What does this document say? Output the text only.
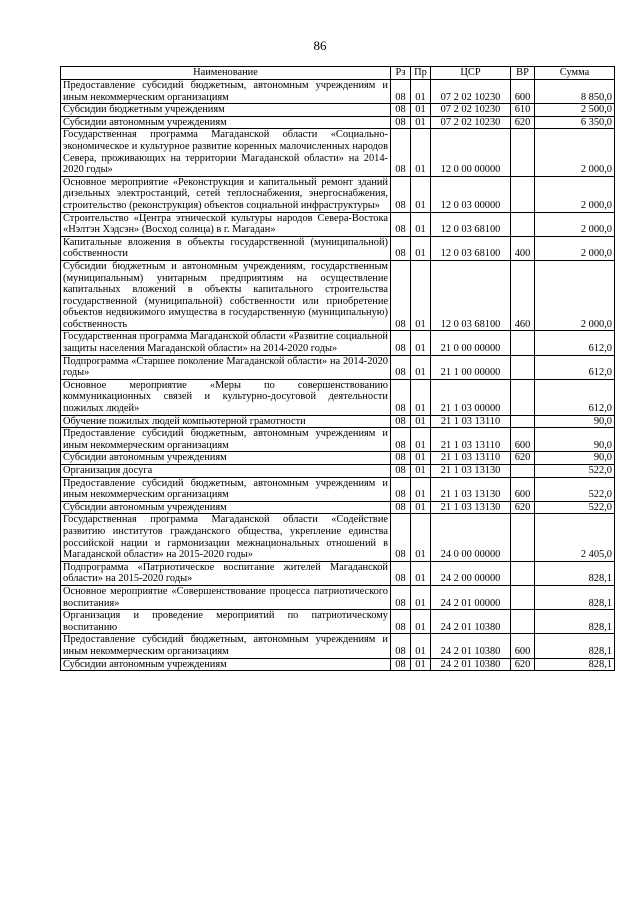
86
Наименование	Рз	Пр	ЦСР	ВР	Сумма
Предоставление субсидий бюджетным, автономным учреждениям и иным некоммерческим организациям	08	01	07 2 02 10230	600	8 850,0
Субсидии бюджетным учреждениям	08	01	07 2 02 10230	610	2 500,0
Субсидии автономным учреждениям	08	01	07 2 02 10230	620	6 350,0
Государственная программа Магаданской области «Социально-экономическое и культурное развитие коренных малочисленных народов Севера, проживающих на территории Магаданской области» на 2014-2020 годы»	08	01	12 0 00 00000		2 000,0
Основное мероприятие «Реконструкция и капитальный ремонт зданий дизельных электростанций, сетей теплоснабжения, энергоснабжения, строительство (реконструкция) объектов социальной инфраструктуры»	08	01	12 0 03 00000		2 000,0
Строительство «Центра этнической культуры народов Севера-Востока «Нэлтэн Хэдсэн» (Восход солнца) в г. Магадан»	08	01	12 0 03 68100		2 000,0
Капитальные вложения в объекты государственной (муниципальной) собственности	08	01	12 0 03 68100	400	2 000,0
Субсидии бюджетным и автономным учреждениям, государственным (муниципальным) унитарным предприятиям на осуществление капитальных вложений в объекты капитального строительства государственной (муниципальной) собственности или приобретение объектов недвижимого имущества в государственную (муниципальную) собственность	08	01	12 0 03 68100	460	2 000,0
Государственная программа Магаданской области «Развитие социальной защиты населения Магаданской области» на 2014-2020 годы»	08	01	21 0 00 00000		612,0
Подпрограмма «Старшее поколение Магаданской области» на 2014-2020 годы»	08	01	21 1 00 00000		612,0
Основное мероприятие «Меры по совершенствованию коммуникационных связей и культурно-досуговой деятельности пожилых людей»	08	01	21 1 03 00000		612,0
Обучение пожилых людей компьютерной грамотности	08	01	21 1 03 13110		90,0
Предоставление субсидий бюджетным, автономным учреждениям и иным некоммерческим организациям	08	01	21 1 03 13110	600	90,0
Субсидии автономным учреждениям	08	01	21 1 03 13110	620	90,0
Организация досуга	08	01	21 1 03 13130		522,0
Предоставление субсидий бюджетным, автономным учреждениям и иным некоммерческим организациям	08	01	21 1 03 13130	600	522,0
Субсидии автономным учреждениям	08	01	21 1 03 13130	620	522,0
Государственная программа Магаданской области «Содействие развитию институтов гражданского общества, укрепление единства российской нации и гармонизации межнациональных отношений в Магаданской области» на 2015-2020 годы»	08	01	24 0 00 00000		2 405,0
Подпрограмма «Патриотическое воспитание жителей Магаданской области» на 2015-2020 годы»	08	01	24 2 00 00000		828,1
Основное мероприятие «Совершенствование процесса патриотического воспитания»	08	01	24 2 01 00000		828,1
Организация и проведение мероприятий по патриотическому воспитанию	08	01	24 2 01 10380		828,1
Предоставление субсидий бюджетным, автономным учреждениям и иным некоммерческим организациям	08	01	24 2 01 10380	600	828,1
Субсидии автономным учреждениям	08	01	24 2 01 10380	620	828,1
